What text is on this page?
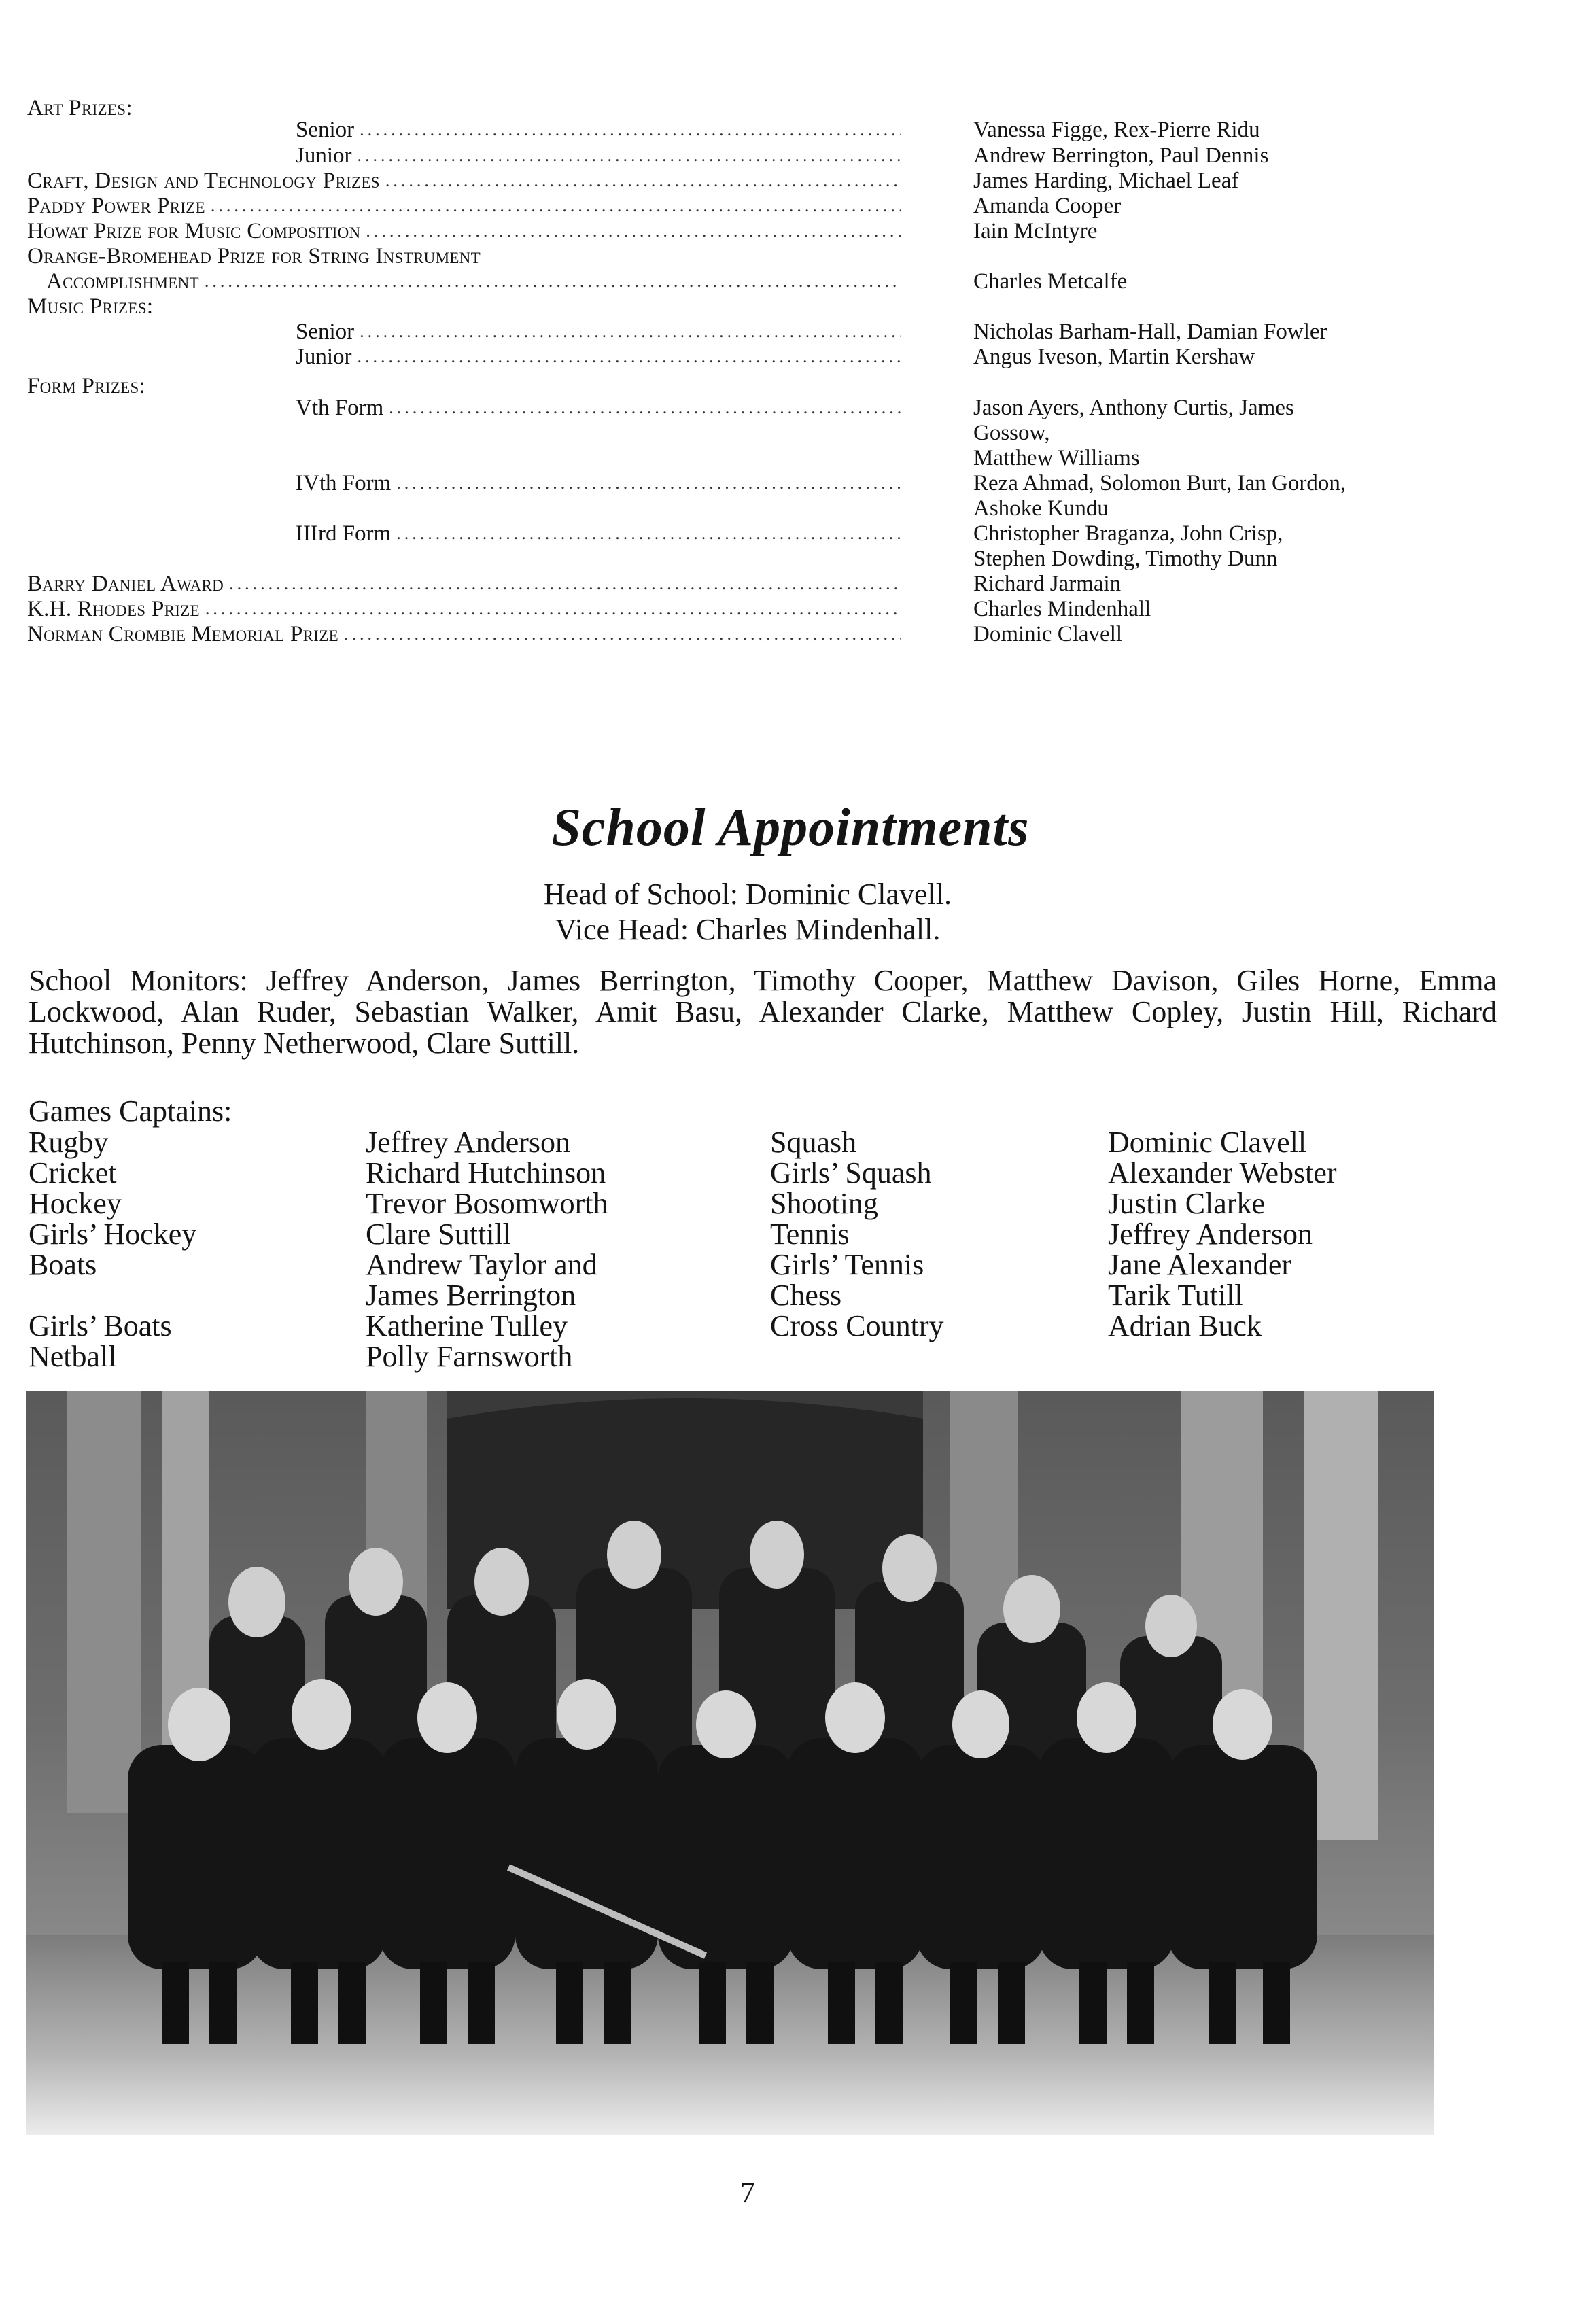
Art Prizes:
Senior .....	Vanessa Figge, Rex-Pierre Ridu
Junior .....	Andrew Berrington, Paul Dennis
Craft, Design and Technology Prizes .....	James Harding, Michael Leaf
Paddy Power Prize .....	Amanda Cooper
Howat Prize for Music Composition .....	Iain McIntyre
Orange-Bromehead Prize for String Instrument
Accomplishment .....	Charles Metcalfe
Music Prizes:
Senior .....	Nicholas Barham-Hall, Damian Fowler
Junior .....	Angus Iveson, Martin Kershaw
Form Prizes:
Vth Form .....	Jason Ayers, Anthony Curtis, James
Gossow,
Matthew Williams
IVth Form .....	Reza Ahmad, Solomon Burt, Ian Gordon,
Ashoke Kundu
IIIrd Form .....	Christopher Braganza, John Crisp,
Stephen Dowding, Timothy Dunn
Barry Daniel Award .....	Richard Jarmain
K.H. Rhodes Prize .....	Charles Mindenhall
Norman Crombie Memorial Prize .....	Dominic Clavell
School Appointments
Head of School: Dominic Clavell.
Vice Head: Charles Mindenhall.
School Monitors: Jeffrey Anderson, James Berrington, Timothy Cooper, Matthew Davison, Giles Horne, Emma Lockwood, Alan Ruder, Sebastian Walker, Amit Basu, Alexander Clarke, Matthew Copley, Justin Hill, Richard Hutchinson, Penny Netherwood, Clare Suttill.
Games Captains:
Rugby	Jeffrey Anderson
Cricket	Richard Hutchinson
Hockey	Trevor Bosomworth
Girls’ Hockey	Clare Suttill
Boats	Andrew Taylor and
James Berrington
Girls’ Boats	Katherine Tulley
Netball	Polly Farnsworth
Squash	Dominic Clavell
Girls’ Squash	Alexander Webster
Shooting	Justin Clarke
Tennis	Jeffrey Anderson
Girls’ Tennis	Jane Alexander
Chess	Tarik Tutill
Cross Country	Adrian Buck
7
